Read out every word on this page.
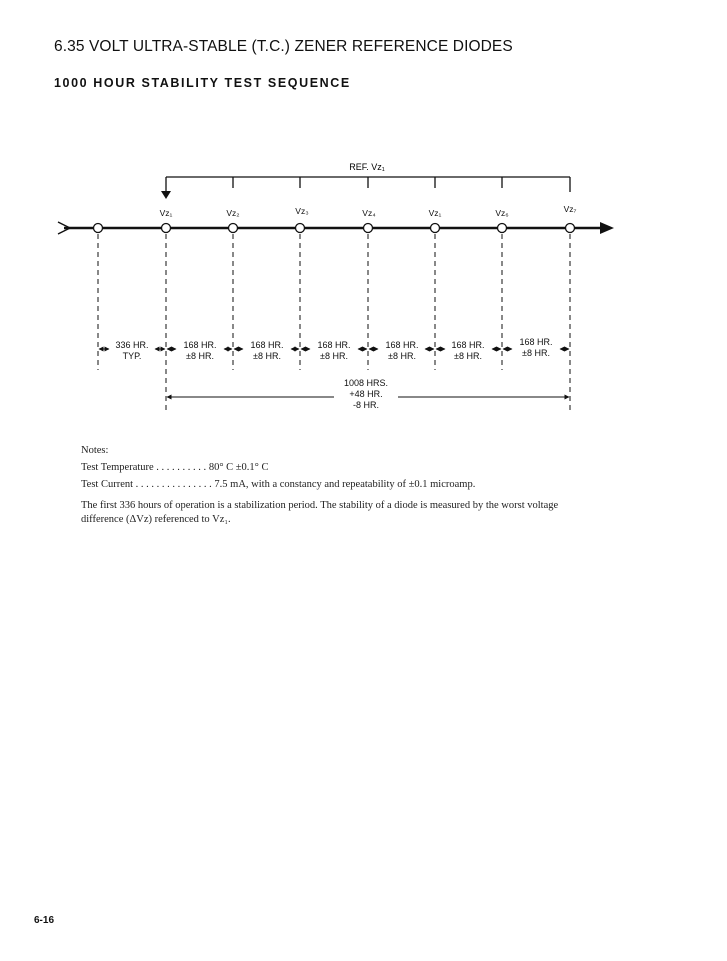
6.35 VOLT ULTRA-STABLE (T.C.) ZENER REFERENCE DIODES
1000 HOUR STABILITY TEST SEQUENCE
REF. Vz₁
Vz₁	Vz₂	Vz₃	Vz₄	Vz₁	Vz₆	Vz₇
336 HR.
TYP.
168 HR.
±8 HR.
168 HR.
±8 HR.
168 HR.
±8 HR.
168 HR.
±8 HR.
168 HR.
±8 HR.
168 HR.
±8 HR.
1008 HRS.
+48 HR.
-8 HR.
Notes:
Test Temperature . . . . . . . . . . 80° C ±0.1° C
Test Current . . . . . . . . . . . . . . . 7.5 mA, with a constancy and repeatability of ±0.1 microamp.
The first 336 hours of operation is a stabilization period. The stability of a diode is measured by the worst voltage difference (ΔVz) referenced to Vz₁.
6-16
